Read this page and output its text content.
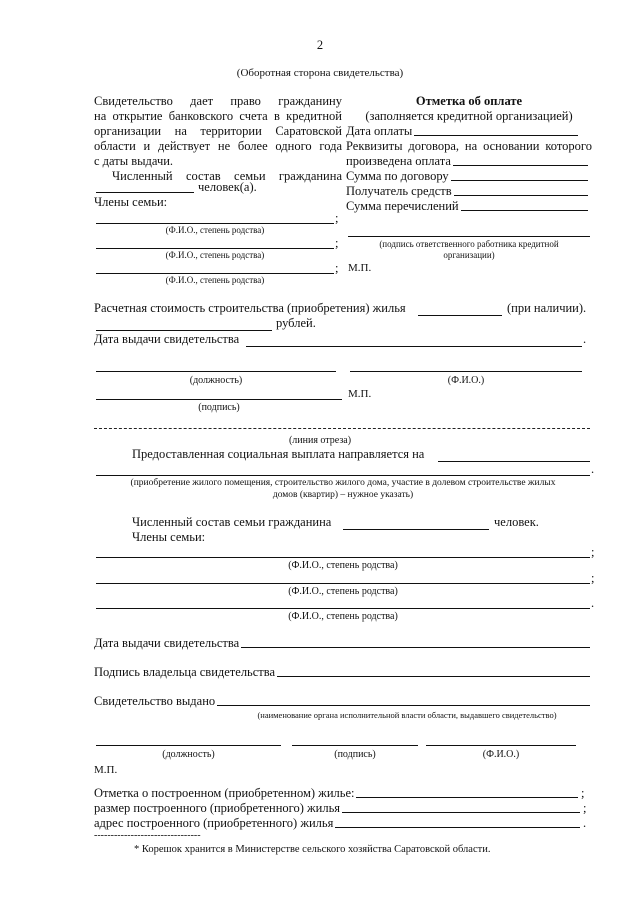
2
(Оборотная сторона свидетельства)
Свидетельство дает право гражданину
на открытие банковского счета в кредитной
организации на территории Саратовской
области и действует не более одного года
с даты выдачи.
Численный состав семьи гражданина
человек(а).
Члены семьи:
;
(Ф.И.О., степень родства)
;
(Ф.И.О., степень родства)
;
(Ф.И.О., степень родства)
Отметка об оплате
(заполняется кредитной организацией)
Дата оплаты
Реквизиты договора, на основании которого
произведена оплата
Сумма по договору
Получатель средств
Сумма перечислений
(подпись ответственного работника кредитной
организации)
М.П.
Расчетная стоимость строительства (приобретения) жилья	(при наличии).
рублей.
Дата выдачи свидетельства	.
(должность)	(Ф.И.О.)
М.П.
(подпись)
(линия отреза)
Предоставленная социальная выплата направляется на
.
(приобретение жилого помещения, строительство жилого дома, участие в долевом строительстве жилых
домов (квартир) – нужное указать)
Численный состав семьи гражданина	человек.
Члены семьи:
;
(Ф.И.О., степень родства)
;
(Ф.И.О., степень родства)
.
(Ф.И.О., степень родства)
Дата выдачи свидетельства
Подпись владельца свидетельства
Свидетельство выдано
(наименование органа исполнительной власти области, выдавшего свидетельство)
(должность)	(подпись)	(Ф.И.О.)
М.П.
Отметка о построенном (приобретенном) жилье:	;
размер построенного (приобретенного) жилья	;
адрес построенного (приобретенного) жилья	.
--------------------------------
* Корешок хранится в Министерстве сельского хозяйства Саратовской области.
